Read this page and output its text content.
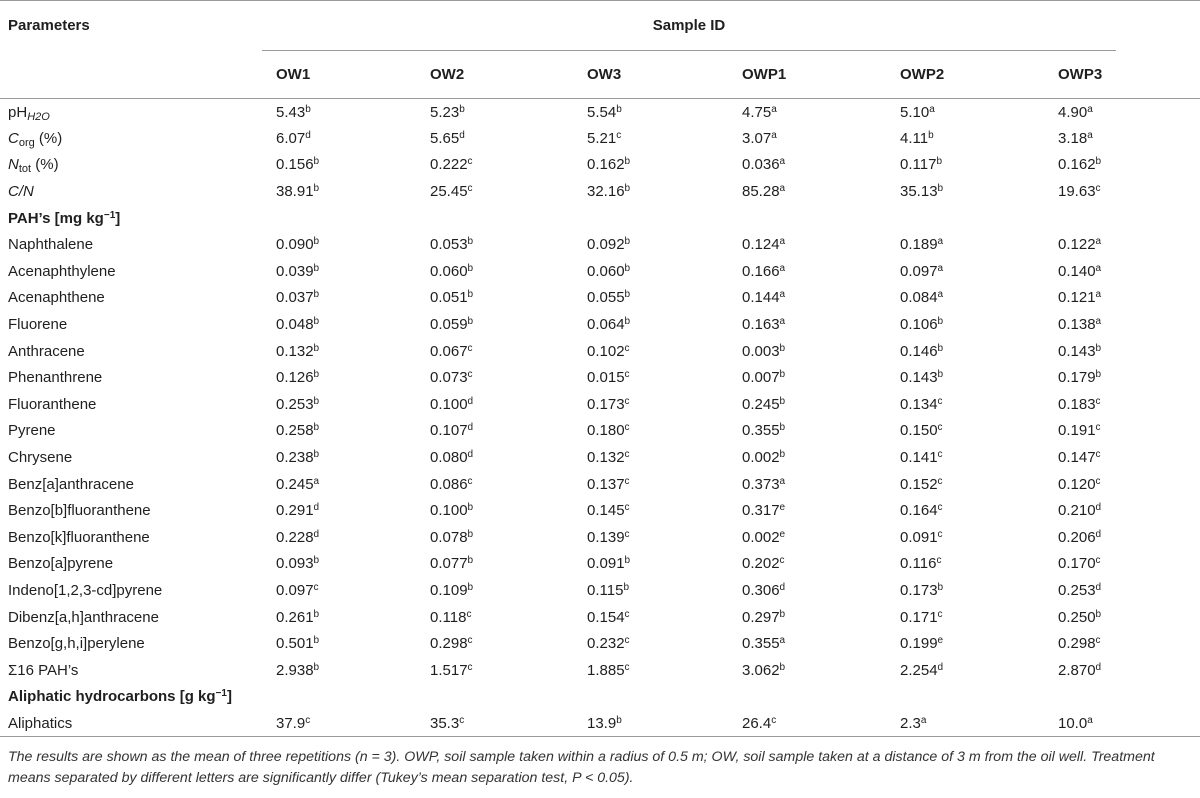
Parameters	Sample ID					

	OW1	OW2	OW3	OWP1	OWP2	OWP3
$pH_{H2O}$	5.43$^b$	5.23$^b$	5.54$^b$	4.75$^a$	5.10$^a$	4.90$^a$
$C_{org}$ (%)	6.07$^d$	5.65$^d$	5.21$^c$	3.07$^a$	4.11$^b$	3.18$^a$
$N_{tot}$ (%)	0.156$^b$	0.222$^c$	0.162$^b$	0.036$^a$	0.117$^b$	0.162$^b$
C/N	38.91$^b$	25.45$^c$	32.16$^b$	85.28$^a$	35.13$^b$	19.63$^c$
PAH’s [mg $kg^{-1}$]						
Naphthalene	0.090$^b$	0.053$^b$	0.092$^b$	0.124$^a$	0.189$^a$	0.122$^a$
Acenaphthylene	0.039$^b$	0.060$^b$	0.060$^b$	0.166$^a$	0.097$^a$	0.140$^a$
Acenaphthene	0.037$^b$	0.051$^b$	0.055$^b$	0.144$^a$	0.084$^a$	0.121$^a$
Fluorene	0.048$^b$	0.059$^b$	0.064$^b$	0.163$^a$	0.106$^b$	0.138$^a$
Anthracene	0.132$^b$	0.067$^c$	0.102$^c$	0.003$^b$	0.146$^b$	0.143$^b$
Phenanthrene	0.126$^b$	0.073$^c$	0.015$^c$	0.007$^b$	0.143$^b$	0.179$^b$
Fluoranthene	0.253$^b$	0.100$^d$	0.173$^c$	0.245$^b$	0.134$^c$	0.183$^c$
Pyrene	0.258$^b$	0.107$^d$	0.180$^c$	0.355$^b$	0.150$^c$	0.191$^c$
Chrysene	0.238$^b$	0.080$^d$	0.132$^c$	0.002$^b$	0.141$^c$	0.147$^c$
Benz[a]anthracene	0.245$^a$	0.086$^c$	0.137$^c$	0.373$^a$	0.152$^c$	0.120$^c$
Benzo[b]fluoranthene	0.291$^d$	0.100$^b$	0.145$^c$	0.317e	0.164$^c$	0.210$^d$
Benzo[k]fluoranthene	0.228$^d$	0.078$^b$	0.139$^c$	0.002e	0.091$^c$	0.206$^d$
Benzo[a]pyrene	0.093$^b$	0.077$^b$	0.091$^b$	0.202$^c$	0.116$^c$	0.170$^c$
Indeno[1,2,3-cd]pyrene	0.097$^c$	0.109$^b$	0.115$^b$	0.306$^d$	0.173$^b$	0.253$^d$
Dibenz[a,h]anthracene	0.261$^b$	0.118$^c$	0.154$^c$	0.297$^b$	0.171$^c$	0.250$^b$
Benzo[g,h,i]perylene	0.501$^b$	0.298$^c$	0.232$^c$	0.355$^a$	0.199e	0.298$^c$
Σ16 PAH’s	2.938$^b$	1.517$^c$	1.885$^c$	3.062$^b$	2.254$^d$	2.870$^d$
Aliphatic hydrocarbons [g $kg^{-1}$]						
Aliphatics	37.9$^c$	35.3$^c$	13.9$^b$	26.4$^c$	2.3$^a$	10.0$^a$
The results are shown as the mean of three repetitions (n = 3). OWP, soil sample taken within a radius of 0.5 m; OW, soil sample taken at a distance of 3 m from the oil well. Treatment means separated by different letters are significantly differ (Tukey’s mean separation test, P < 0.05).
